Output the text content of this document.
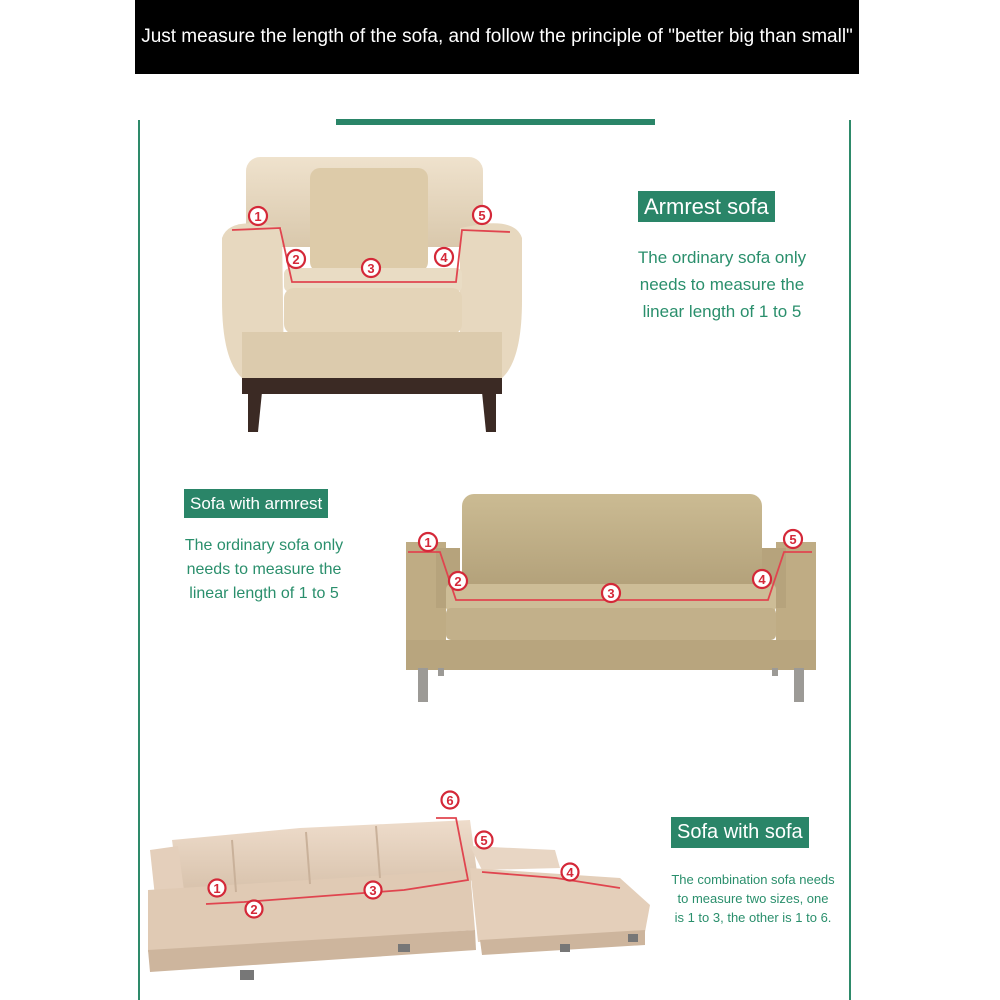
Just measure the length of the sofa, and follow the principle of "better big than small"
1
2
3
4
5
1
2
3
4
5
1
2
3
4
5
6
Armrest sofa
The ordinary sofa only
needs to measure the
linear length of 1 to 5
Sofa with armrest
The ordinary sofa only
needs to measure the
linear length of 1 to 5
Sofa with sofa
The combination sofa needs
to measure two sizes, one
is 1 to 3, the other is 1 to 6.
